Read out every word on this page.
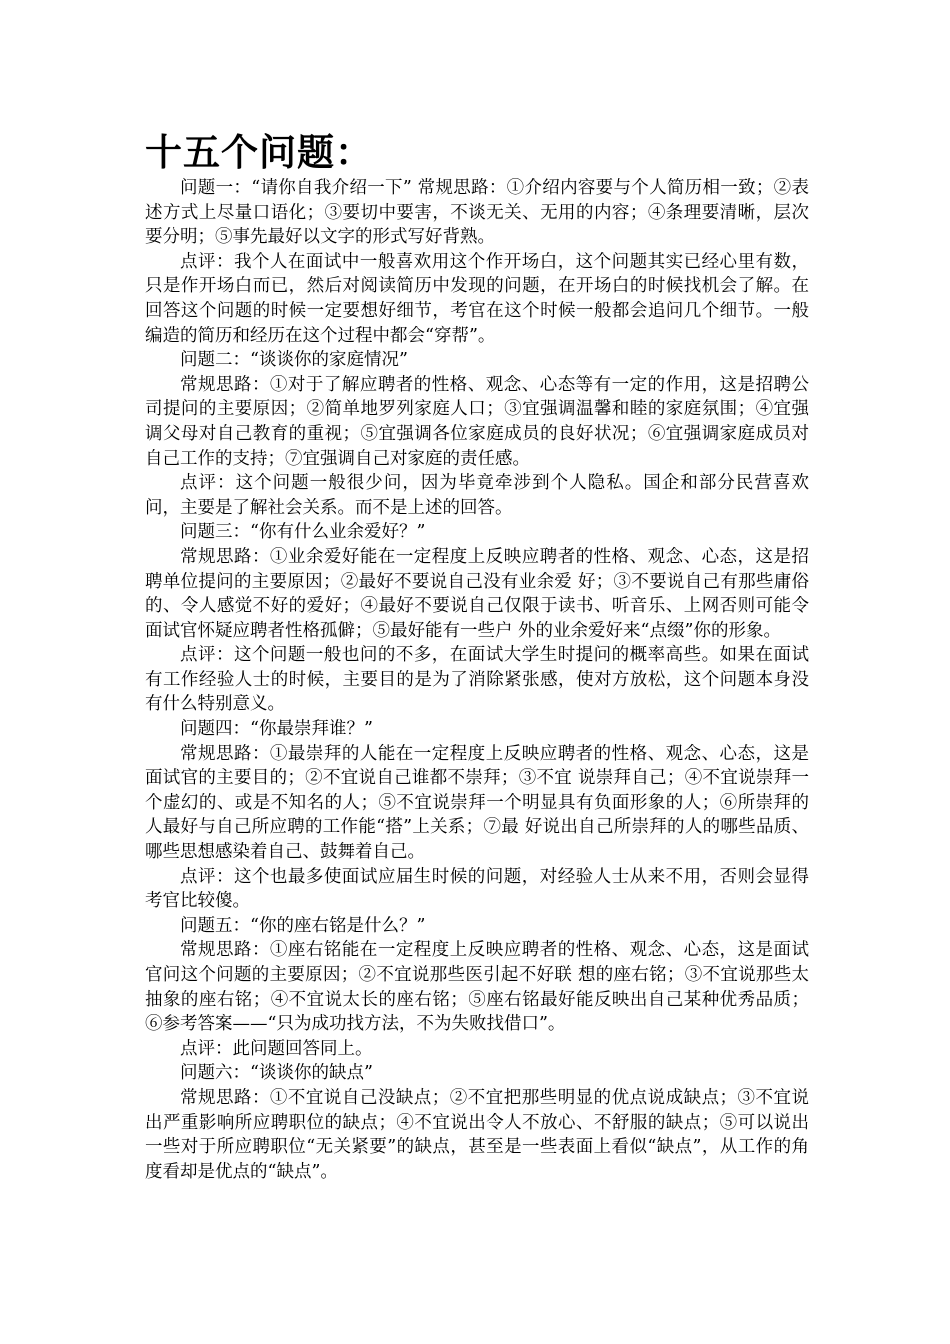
十五个问题：

问题一：“请你自我介绍一下” 常规思路：①介绍内容要与个人简历相一致；②表述方式上尽量口语化；③要切中要害，不谈无关、无用的内容；④条理要清晰，层次要分明；⑤事先最好以文字的形式写好背熟。

点评：我个人在面试中一般喜欢用这个作开场白，这个问题其实已经心里有数，只是作开场白而已，然后对阅读简历中发现的问题，在开场白的时候找机会了解。在回答这个问题的时候一定要想好细节，考官在这个时候一般都会追问几个细节。一般编造的简历和经历在这个过程中都会“穿帮”。

问题二：“谈谈你的家庭情况”

常规思路：①对于了解应聘者的性格、观念、心态等有一定的作用，这是招聘公司提问的主要原因；②简单地罗列家庭人口；③宜强调温馨和睦的家庭氛围；④宜强调父母对自己教育的重视；⑤宜强调各位家庭成员的良好状况；⑥宜强调家庭成员对自己工作的支持；⑦宜强调自己对家庭的责任感。

点评：这个问题一般很少问，因为毕竟牵涉到个人隐私。国企和部分民营喜欢问，主要是了解社会关系。而不是上述的回答。

问题三：“你有什么业余爱好？”

常规思路：①业余爱好能在一定程度上反映应聘者的性格、观念、心态，这是招聘单位提问的主要原因；②最好不要说自己没有业余爱 好；③不要说自己有那些庸俗的、令人感觉不好的爱好；④最好不要说自己仅限于读书、听音乐、上网否则可能令面试官怀疑应聘者性格孤僻；⑤最好能有一些户 外的业余爱好来“点缀”你的形象。

点评：这个问题一般也问的不多，在面试大学生时提问的概率高些。如果在面试有工作经验人士的时候，主要目的是为了消除紧张感，使对方放松，这个问题本身没有什么特别意义。

问题四：“你最崇拜谁？”

常规思路：①最崇拜的人能在一定程度上反映应聘者的性格、观念、心态，这是面试官的主要目的；②不宜说自己谁都不崇拜；③不宜 说崇拜自己；④不宜说崇拜一个虚幻的、或是不知名的人；⑤不宜说崇拜一个明显具有负面形象的人；⑥所崇拜的人最好与自己所应聘的工作能“搭”上关系；⑦最 好说出自己所崇拜的人的哪些品质、哪些思想感染着自己、鼓舞着自己。

点评：这个也最多使面试应届生时候的问题，对经验人士从来不用，否则会显得考官比较傻。

问题五：“你的座右铭是什么？”

常规思路：①座右铭能在一定程度上反映应聘者的性格、观念、心态，这是面试官问这个问题的主要原因；②不宜说那些医引起不好联 想的座右铭；③不宜说那些太抽象的座右铭；④不宜说太长的座右铭；⑤座右铭最好能反映出自己某种优秀品质；⑥参考答案——“只为成功找方法，不为失败找借口”。

点评：此问题回答同上。

问题六：“谈谈你的缺点”

常规思路：①不宜说自己没缺点；②不宜把那些明显的优点说成缺点；③不宜说出严重影响所应聘职位的缺点；④不宜说出令人不放心、不舒服的缺点；⑤可以说出一些对于所应聘职位“无关紧要”的缺点，甚至是一些表面上看似“缺点”，从工作的角度看却是优点的“缺点”。
